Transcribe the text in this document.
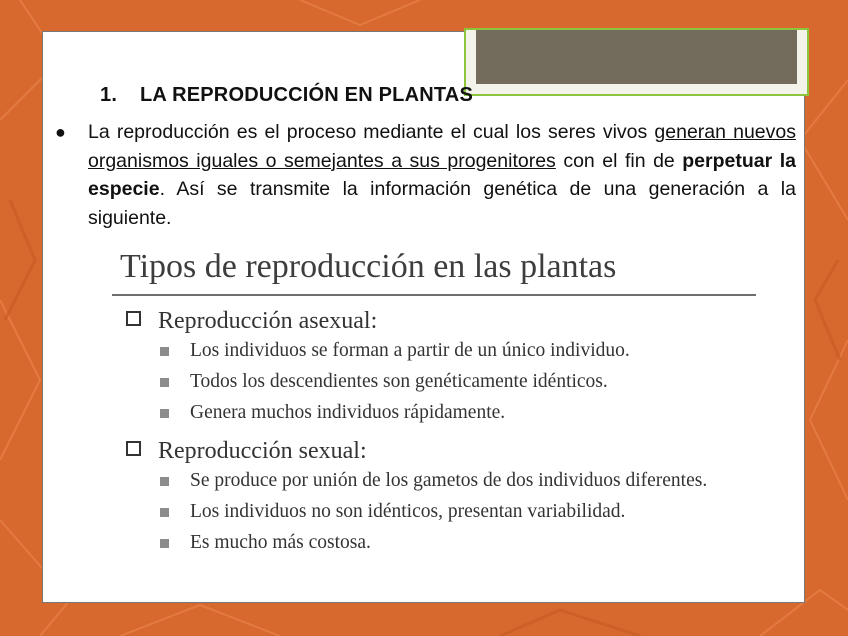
1. LA REPRODUCCIÓN EN PLANTAS
● La reproducción es el proceso mediante el cual los seres vivos generan nuevos organismos iguales o semejantes a sus progenitores con el fin de perpetuar la especie. Así se transmite la información genética de una generación a la siguiente.
Tipos de reproducción en las plantas
Reproducción asexual:
Los individuos se forman a partir de un único individuo.
Todos los descendientes son genéticamente idénticos.
Genera muchos individuos rápidamente.
Reproducción sexual:
Se produce por unión de los gametos de dos individuos diferentes.
Los individuos no son idénticos, presentan variabilidad.
Es mucho más costosa.
